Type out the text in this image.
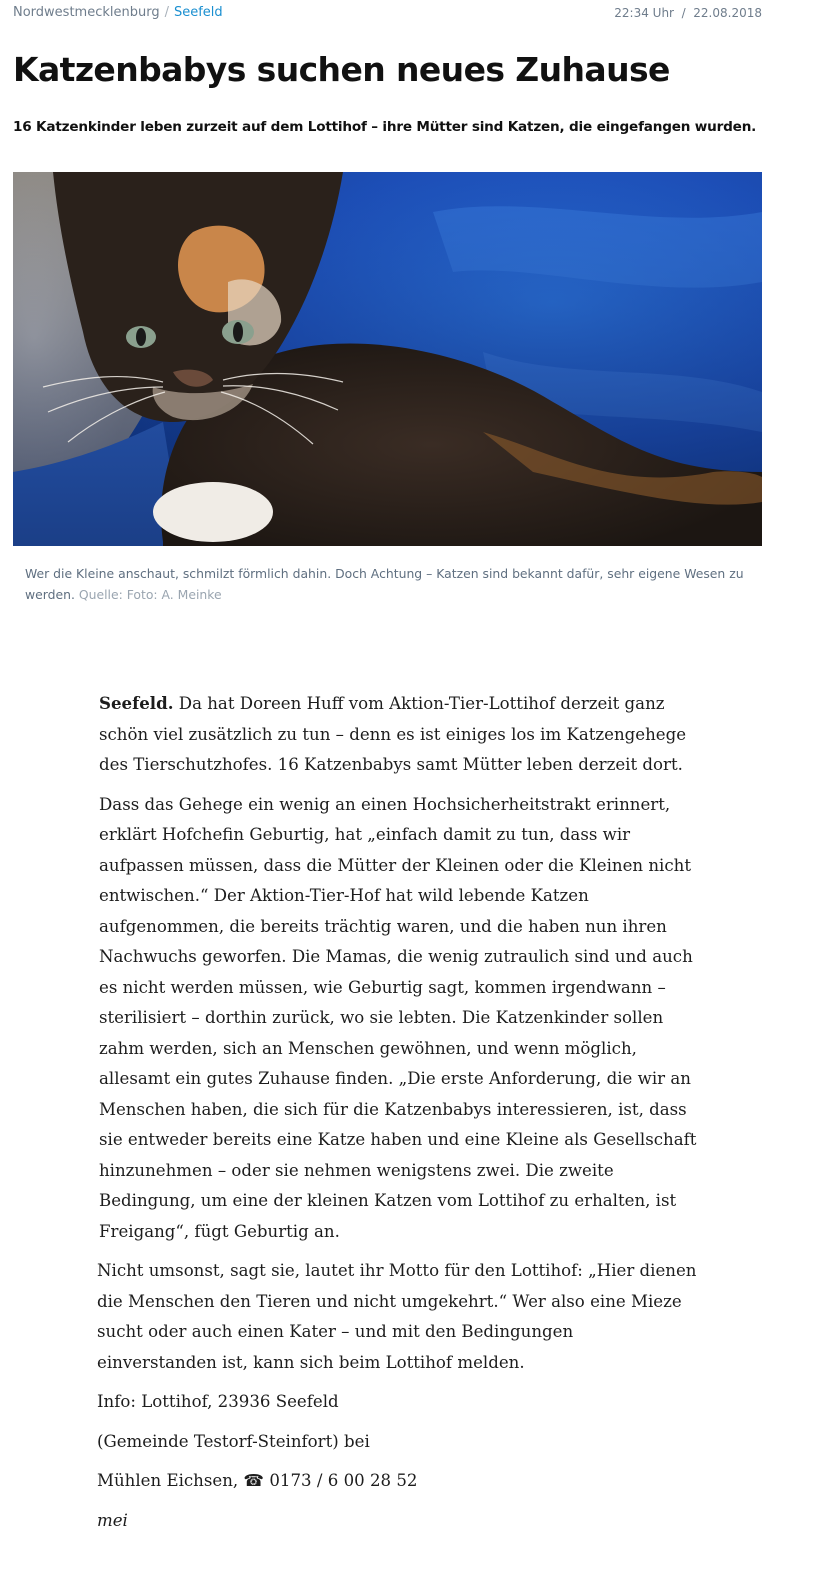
Nordwestmecklenburg / Seefeld	22:34 Uhr  /  22.08.2018
Katzenbabys suchen neues Zuhause

16 Katzenkinder leben zurzeit auf dem Lottihof – ihre Mütter sind Katzen, die eingefangen wurden.

Wer die Kleine anschaut, schmilzt förmlich dahin. Doch Achtung – Katzen sind bekannt dafür, sehr eigene Wesen zu werden. Quelle: Foto: A. Meinke

Seefeld. Da hat Doreen Huff vom Aktion-Tier-Lottihof derzeit ganz schön viel zusätzlich zu tun – denn es ist einiges los im Katzengehege des Tierschutzhofes. 16 Katzenbabys samt Mütter leben derzeit dort.

Dass das Gehege ein wenig an einen Hochsicherheitstrakt erinnert, erklärt Hofchefin Geburtig, hat „einfach damit zu tun, dass wir aufpassen müssen, dass die Mütter der Kleinen oder die Kleinen nicht entwischen.“ Der Aktion-Tier-Hof hat wild lebende Katzen aufgenommen, die bereits trächtig waren, und die haben nun ihren Nachwuchs geworfen. Die Mamas, die wenig zutraulich sind und auch es nicht werden müssen, wie Geburtig sagt, kommen irgendwann – sterilisiert – dorthin zurück, wo sie lebten. Die Katzenkinder sollen zahm werden, sich an Menschen gewöhnen, und wenn möglich, allesamt ein gutes Zuhause finden. „Die erste Anforderung, die wir an Menschen haben, die sich für die Katzenbabys interessieren, ist, dass sie entweder bereits eine Katze haben und eine Kleine als Gesellschaft hinzunehmen – oder sie nehmen wenigstens zwei. Die zweite Bedingung, um eine der kleinen Katzen vom Lottihof zu erhalten, ist Freigang“, fügt Geburtig an.

Nicht umsonst, sagt sie, lautet ihr Motto für den Lottihof: „Hier dienen die Menschen den Tieren und nicht umgekehrt.“ Wer also eine Mieze sucht oder auch einen Kater – und mit den Bedingungen einverstanden ist, kann sich beim Lottihof melden.

Info: Lottihof, 23936 Seefeld

(Gemeinde Testorf-Steinfort) bei

Mühlen Eichsen, ☎ 0173 / 6 00 28 52

mei
